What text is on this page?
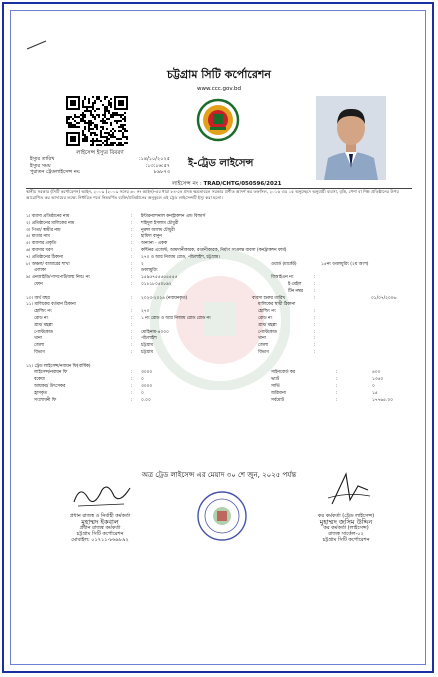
চট্টগ্রাম সিটি কর্পোরেশন
www.ccc.gov.bd
ই-ট্রেড লাইসেন্স
লাইসেন্স নং : TRAD/CHTG/050596/2021
লাইসেন্স ইস্যুর বিবরণ
ইস্যুর তারিখ	:১৪/১০/২০২৫
ইস্যুর সময়	:১৩:০৬:৫৭
পুরাতন ট্রেডলাইসেন্স নং:	৮৯৮৭৩
স্থানীয় সরকার (সিটি কর্পোরেশন) আইন, ২০০৯ (২০০৯ সনের ৬০ নং আইন)-এর ধারা ৮৪-তে প্রদত্ত ক্ষমতাবলে সরকার প্রণীত আদর্শ কর তফসিল, ২০১৬ এর ১৫ অনুচ্ছেদে অনুযায়ী ব্যবসা, বৃত্তি, পেশা বা শিল্প প্রতিষ্ঠানের উপর আরোপিত কর আদায়ের লক্ষ্যে নির্ধারিত শর্তে নিম্নবর্ণিত ব্যক্তি/প্রতিষ্ঠানের অনুকূলে এই ট্রেড লাইসেন্সটি ইস্যু করা হলো।
১। ব্যবসা প্রতিষ্ঠানের নাম	: ইন্টারন্যাশনাল কনস্ট্রাকশন এন্ড বিল্ডার্স
২। প্রতিষ্ঠানের মালিকের নাম	: শহিদুল ইসলাম চৌধুরী
৩। পিতা/ স্বামীর নাম	: নুরুল আলম চৌধুরী
৪। মাতার নাম	: হামিদা বানুন
৫। ব্যবসার প্রকৃতি	: অন্যান্য - একক
৬। ব্যবসার ধরণ	: কন্টিনর এজেন্ট, আমদানীকারক, রপ্তানীকারক, নির্মাণ সংক্রান্ত ব্যবসা (কনট্রাকশন ফার্ম)
৭। প্রতিষ্ঠানের ঠিকানা	: ২৭০ ও আর নিজাম রোড, পাঁচলাইশ, চট্টগ্রাম।
৮। অঞ্চল/ বাজারের শাখা	: ২	ওয়ার্ড (মার্কেট)	১৫নং ডবলমুরিং (২য় অংশ)
এলাকা	: ডবলমুরিং
৯। এনআইডি/পাসপোর্ট/জন্ম নিবঃ নং	: ১৫৯৫৭৫৫৫৫৫৫৫৫	বিআইএন নং	:
ফোন	: ০১৮১৮০৫০৮৯২	ই-মেইল	:
টিন নম্বর	:
১০। অর্থ বছর	: ২০২৩-২০২৪ (নবায়নকৃত)	ব্যবসা শুরুর তারিখ	:	০১/০৭/২০০৬
১১। মালিকের বর্তমান ঠিকানা	মালিকের স্থায়ী ঠিকানা
হোল্ডিং নং	: ২৭০	হোল্ডিং নং	:
রোড নং	: ১ নং রোড ও আর নিজাম রোড রোড নং	রোড নং	:
গ্রাম/ মহল্লা	:	গ্রাম/ মহল্লা	:
পোস্টকোড	: মোহিনাম-৪০০০	পোস্টকোড	:
থানা	: পাঁচলাইশ	থানা	:
জেলা	: চট্টগ্রাম	জেলা	:
বিভাগ	: চট্টগ্রাম	বিভাগ	:
১২। ট্রেড লাইসেন্স/নবায়ন ফি(বার্ষিক)
লাইসেন্স/নবায়ন ফি	: ৩০০০	সাইনবোর্ড কর	:	৪০০
বকেয়া	: ০	ভ্যাট	:	১৩৫০
আয়কর/ উৎসেকর	: ৩০০০	সার্ভি	:	০
হ্রাসকৃত	: ০	জরিমানা	:	১৫
সংশোধনী ফি	: ০.০০	সর্বমোট	:	১৭৭৬৫.০০
অত্র ট্রেড লাইসেন্স এর মেয়াদ ৩০ শে জুন, ২০২৫ পর্যন্ত
প্রধান রাজস্ব ও নির্বাহী কর্মকর্তা
মুহাম্মদ ইকবাল
প্রধান রাজস্ব কর্মকর্তা
চট্টগ্রাম সিটি কর্পোরেশন
মোবাইল: ০১৭১১-৮৬৯৮৯২
কর কর্মকর্তা (ট্রেড লাইসেন্স)
মুহাম্মদ জসিম উদ্দিন
কর কর্মকর্তা (লাইসেন্স)
রাজস্ব সার্কেল-০২
চট্টগ্রাম সিটি কর্পোরেশন
